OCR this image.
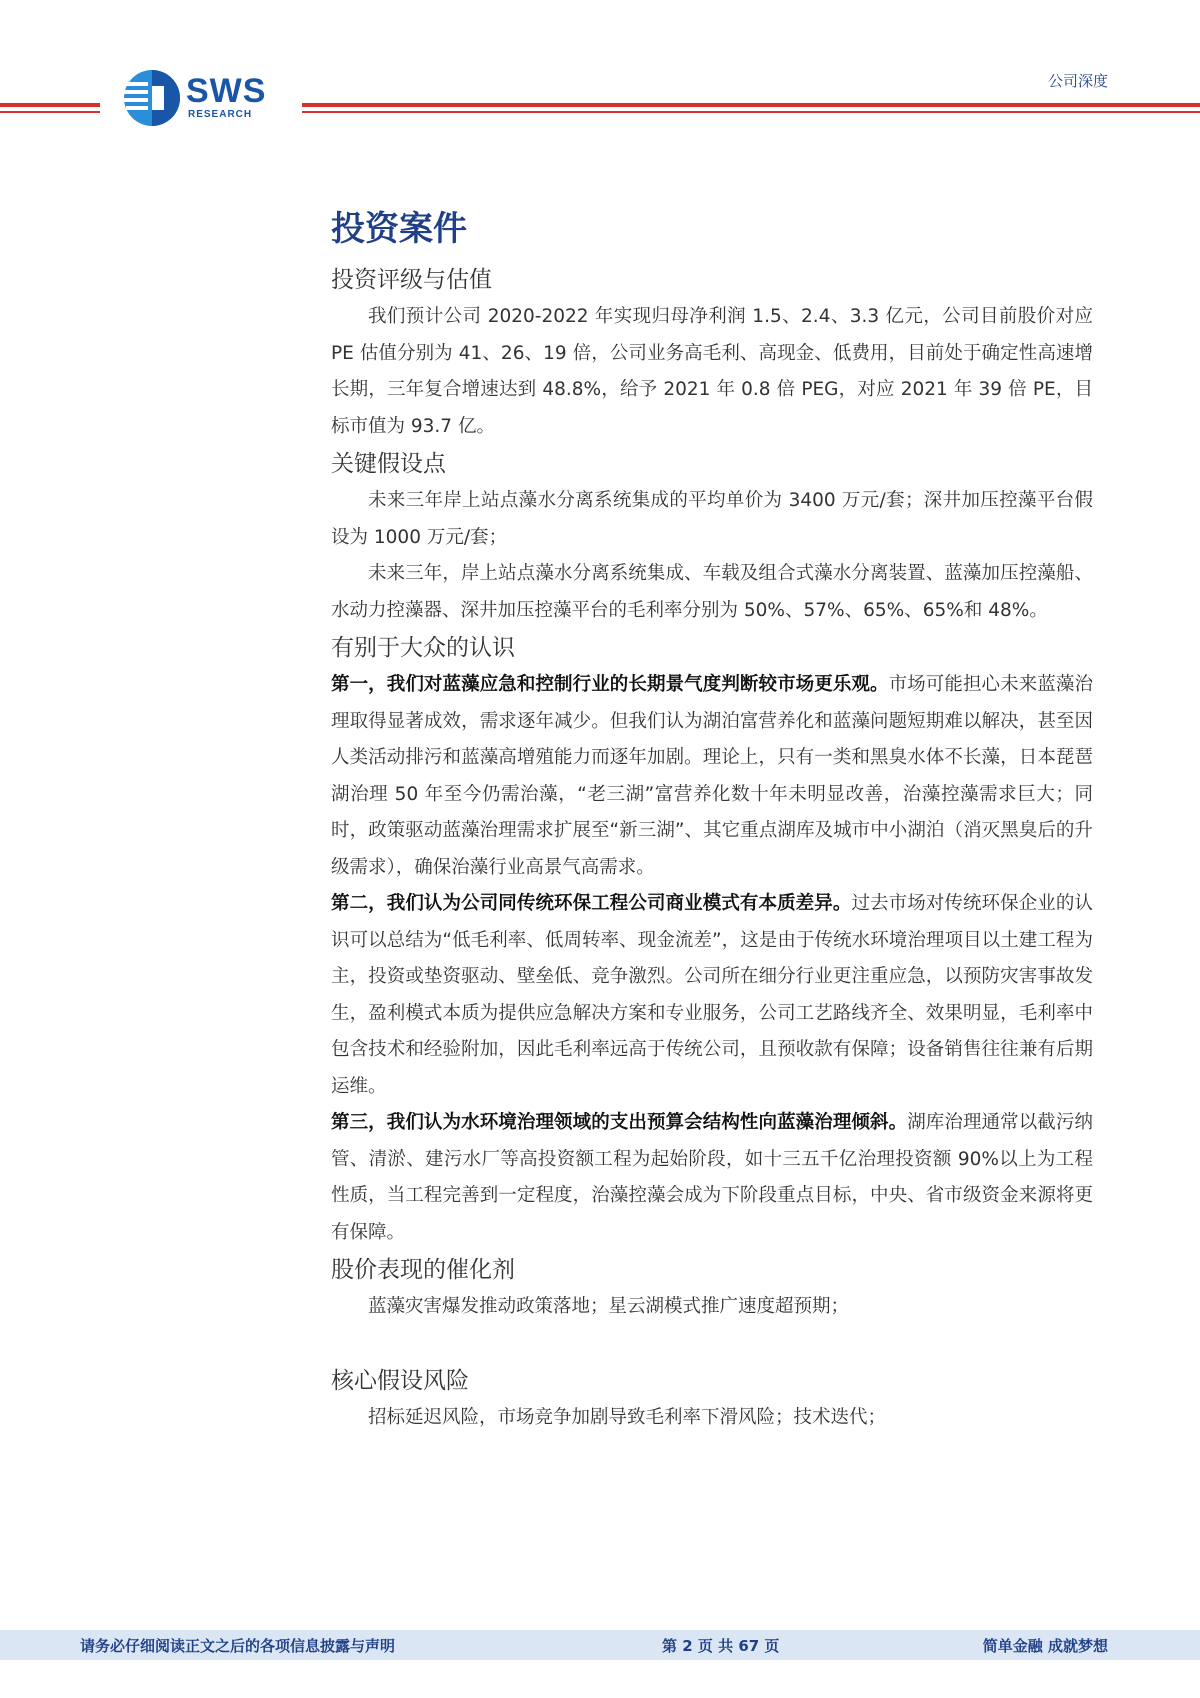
SWS
RESEARCH
公司深度
投资案件
投资评级与估值

我们预计公司 2020-2022 年实现归母净利润 1.5、2.4、3.3 亿元，公司目前股价对应 PE 估值分别为 41、26、19 倍，公司业务高毛利、高现金、低费用，目前处于确定性高速增长期，三年复合增速达到 48.8%，给予 2021 年 0.8 倍 PEG，对应 2021 年 39 倍 PE，目标市值为 93.7 亿。

关键假设点

未来三年岸上站点藻水分离系统集成的平均单价为 3400 万元/套；深井加压控藻平台假设为 1000 万元/套；

未来三年，岸上站点藻水分离系统集成、车载及组合式藻水分离装置、蓝藻加压控藻船、水动力控藻器、深井加压控藻平台的毛利率分别为 50%、57%、65%、65%和 48%。

有别于大众的认识

第一，我们对蓝藻应急和控制行业的长期景气度判断较市场更乐观。市场可能担心未来蓝藻治理取得显著成效，需求逐年减少。但我们认为湖泊富营养化和蓝藻问题短期难以解决，甚至因人类活动排污和蓝藻高增殖能力而逐年加剧。理论上，只有一类和黑臭水体不长藻，日本琵琶湖治理 50 年至今仍需治藻，“老三湖”富营养化数十年未明显改善，治藻控藻需求巨大；同时，政策驱动蓝藻治理需求扩展至“新三湖”、其它重点湖库及城市中小湖泊（消灭黑臭后的升级需求），确保治藻行业高景气高需求。

第二，我们认为公司同传统环保工程公司商业模式有本质差异。过去市场对传统环保企业的认识可以总结为“低毛利率、低周转率、现金流差”，这是由于传统水环境治理项目以土建工程为主，投资或垫资驱动、壁垒低、竞争激烈。公司所在细分行业更注重应急，以预防灾害事故发生，盈利模式本质为提供应急解决方案和专业服务，公司工艺路线齐全、效果明显，毛利率中包含技术和经验附加，因此毛利率远高于传统公司，且预收款有保障；设备销售往往兼有后期运维。

第三，我们认为水环境治理领域的支出预算会结构性向蓝藻治理倾斜。湖库治理通常以截污纳管、清淤、建污水厂等高投资额工程为起始阶段，如十三五千亿治理投资额 90%以上为工程性质，当工程完善到一定程度，治藻控藻会成为下阶段重点目标，中央、省市级资金来源将更有保障。

股价表现的催化剂

蓝藻灾害爆发推动政策落地；星云湖模式推广速度超预期；

核心假设风险

招标延迟风险，市场竞争加剧导致毛利率下滑风险；技术迭代；

请务必仔细阅读正文之后的各项信息披露与声明	第 2 页 共 67 页	简单金融 成就梦想
